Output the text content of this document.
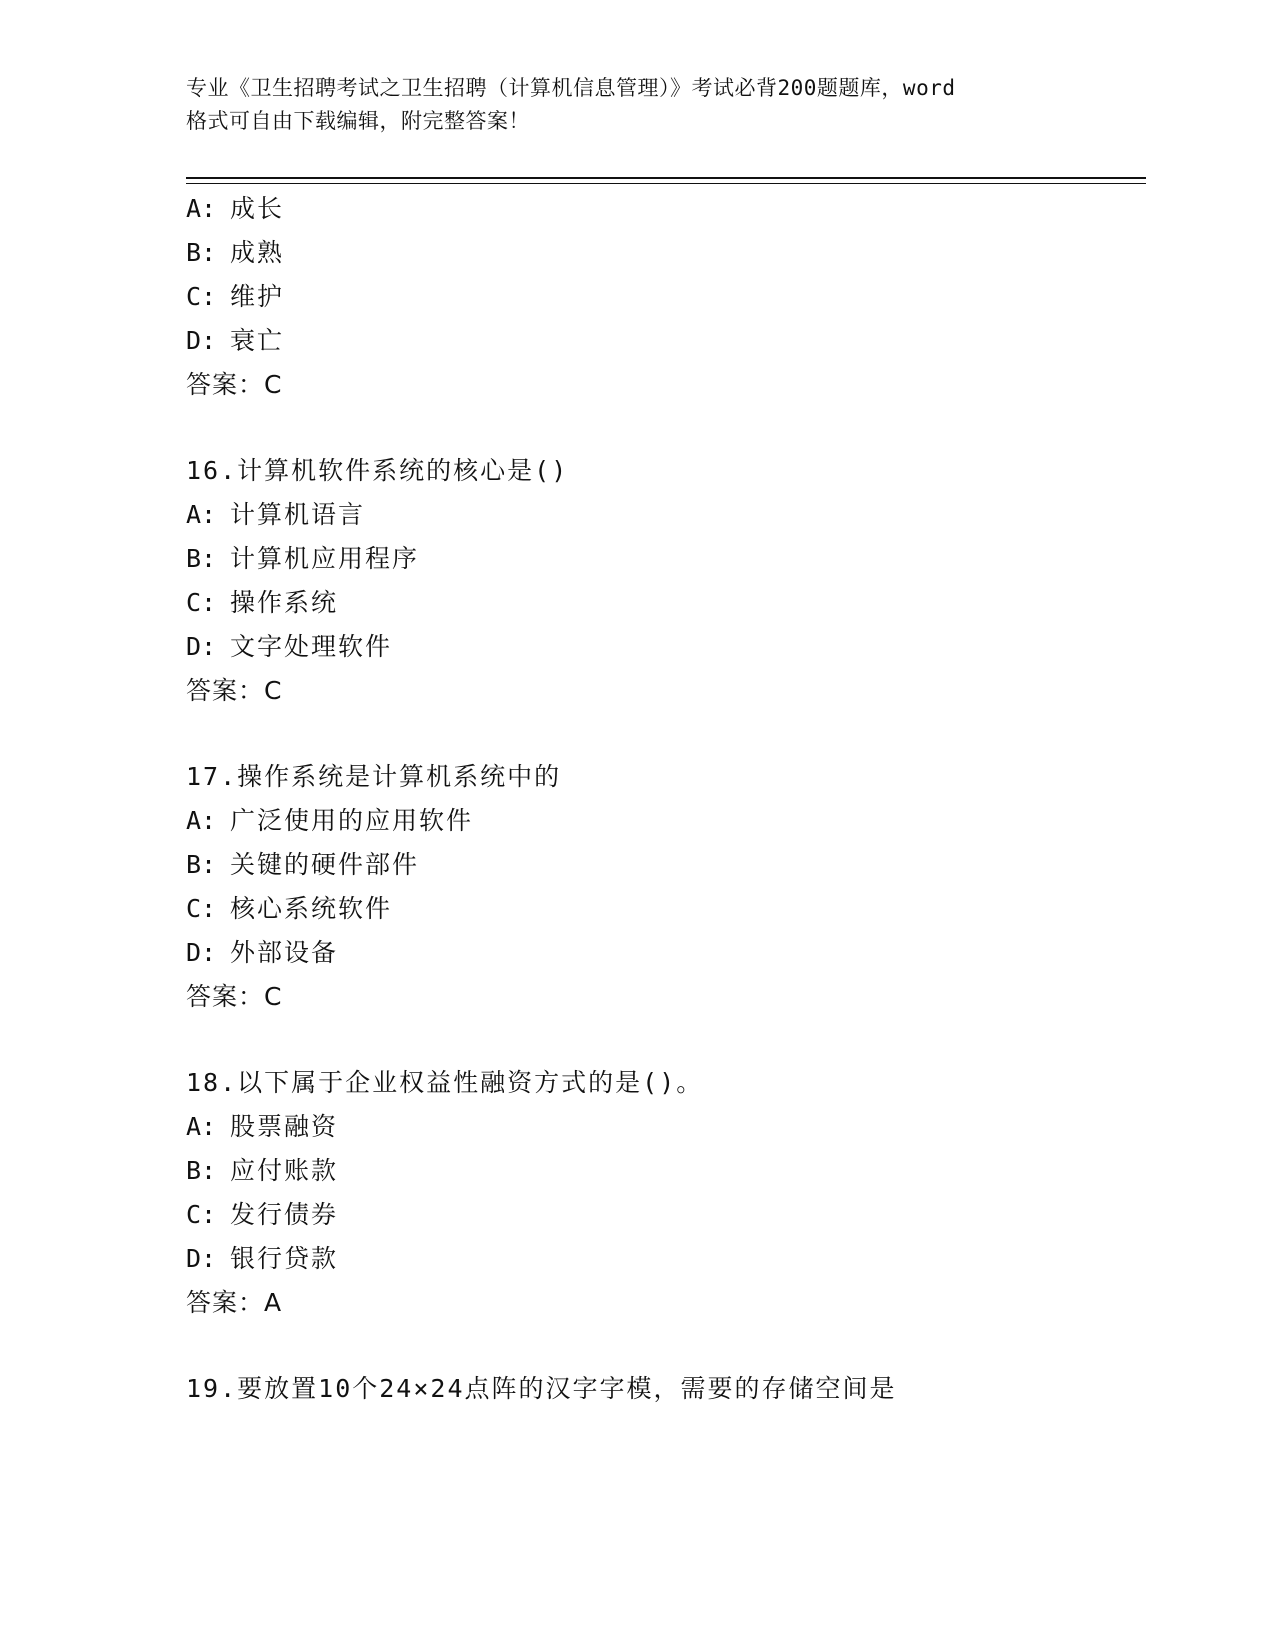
专业《卫生招聘考试之卫生招聘（计算机信息管理）》考试必背200题题库，word
格式可自由下载编辑，附完整答案！
A: 成长
B: 成熟
C: 维护
D: 衰亡
答案：C
16.计算机软件系统的核心是()
A: 计算机语言
B: 计算机应用程序
C: 操作系统
D: 文字处理软件
答案：C
17.操作系统是计算机系统中的
A: 广泛使用的应用软件
B: 关键的硬件部件
C: 核心系统软件
D: 外部设备
答案：C
18.以下属于企业权益性融资方式的是()。
A: 股票融资
B: 应付账款
C: 发行债券
D: 银行贷款
答案：A
19.要放置10个24×24点阵的汉字字模，需要的存储空间是
